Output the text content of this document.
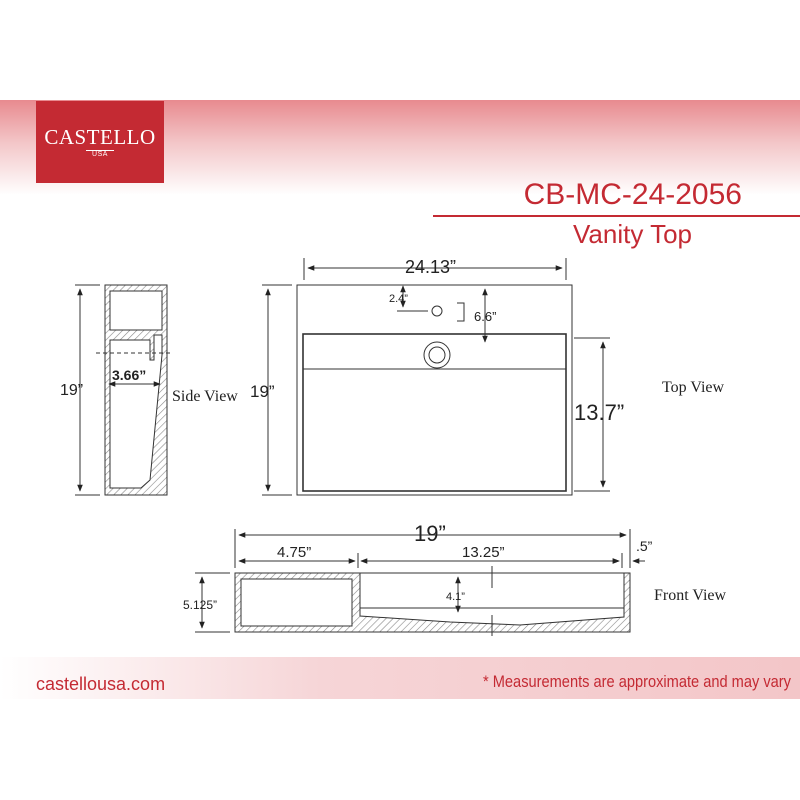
CASTELLO
USA
CB-MC-24-2056
Vanity Top
19”
3.66”
24.13”
19”
13.7”
2.4”
6.6”
19”
4.75”	13.25”	.5”
5.125”
4.1”
Side View
Top View
Front View
castellousa.com	* Measurements are approximate and may vary
